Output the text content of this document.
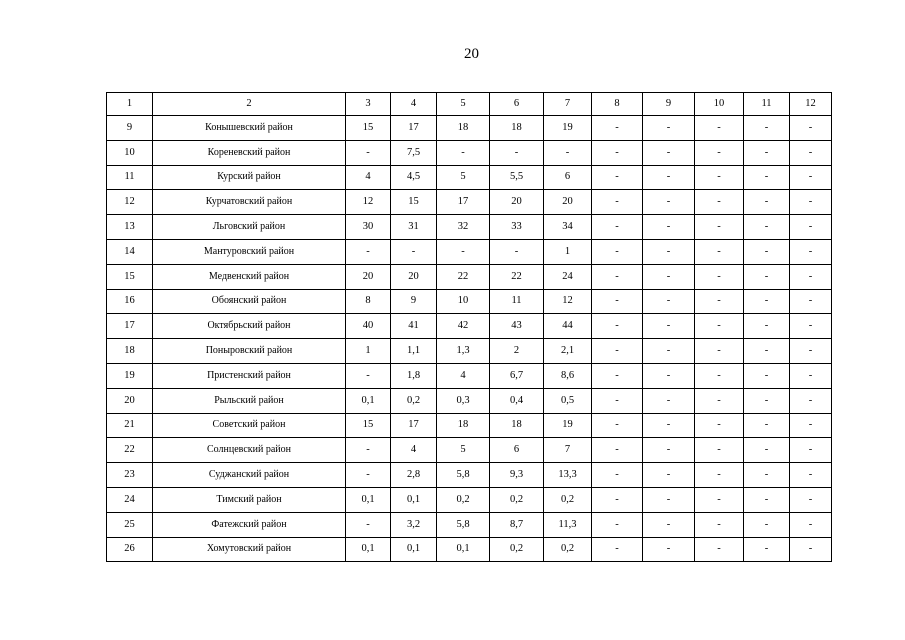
20
1	2	3	4	5	6	7	8	9	10	11	12
9	Конышевский район	15	17	18	18	19	-	-	-	-	-
10	Кореневский район	-	7,5	-	-	-	-	-	-	-	-
11	Курский район	4	4,5	5	5,5	6	-	-	-	-	-
12	Курчатовский район	12	15	17	20	20	-	-	-	-	-
13	Льговский район	30	31	32	33	34	-	-	-	-	-
14	Мантуровский район	-	-	-	-	1	-	-	-	-	-
15	Медвенский район	20	20	22	22	24	-	-	-	-	-
16	Обоянский район	8	9	10	11	12	-	-	-	-	-
17	Октябрьский район	40	41	42	43	44	-	-	-	-	-
18	Поныровский район	1	1,1	1,3	2	2,1	-	-	-	-	-
19	Пристенский район	-	1,8	4	6,7	8,6	-	-	-	-	-
20	Рыльский район	0,1	0,2	0,3	0,4	0,5	-	-	-	-	-
21	Советский район	15	17	18	18	19	-	-	-	-	-
22	Солнцевский район	-	4	5	6	7	-	-	-	-	-
23	Суджанский район	-	2,8	5,8	9,3	13,3	-	-	-	-	-
24	Тимский район	0,1	0,1	0,2	0,2	0,2	-	-	-	-	-
25	Фатежский район	-	3,2	5,8	8,7	11,3	-	-	-	-	-
26	Хомутовский район	0,1	0,1	0,1	0,2	0,2	-	-	-	-	-
